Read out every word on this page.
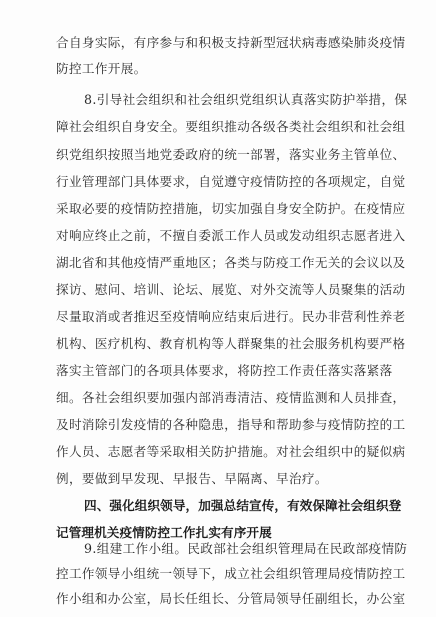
合自身实际，有序参与和积极支持新型冠状病毒感染肺炎疫情
防控工作开展。
8.引导社会组织和社会组织党组织认真落实防护举措，保
障社会组织自身安全。要组织推动各级各类社会组织和社会组
织党组织按照当地党委政府的统一部署，落实业务主管单位、
行业管理部门具体要求，自觉遵守疫情防控的各项规定，自觉
采取必要的疫情防控措施，切实加强自身安全防护。在疫情应
对响应终止之前，不擅自委派工作人员或发动组织志愿者进入
湖北省和其他疫情严重地区；各类与防疫工作无关的会议以及
探访、慰问、培训、论坛、展览、对外交流等人员聚集的活动
尽量取消或者推迟至疫情响应结束后进行。民办非营利性养老
机构、医疗机构、教育机构等人群聚集的社会服务机构要严格
落实主管部门的各项具体要求，将防控工作责任落实落紧落
细。各社会组织要加强内部消毒清洁、疫情监测和人员排查，
及时消除引发疫情的各种隐患，指导和帮助参与疫情防控的工
作人员、志愿者等采取相关防护措施。对社会组织中的疑似病
例，要做到早发现、早报告、早隔离、早治疗。
四、强化组织领导，加强总结宣传，有效保障社会组织登
记管理机关疫情防控工作扎实有序开展
9.组建工作小组。民政部社会组织管理局在民政部疫情防
控工作领导小组统一领导下，成立社会组织管理局疫情防控工
作小组和办公室，局长任组长、分管局领导任副组长，办公室
